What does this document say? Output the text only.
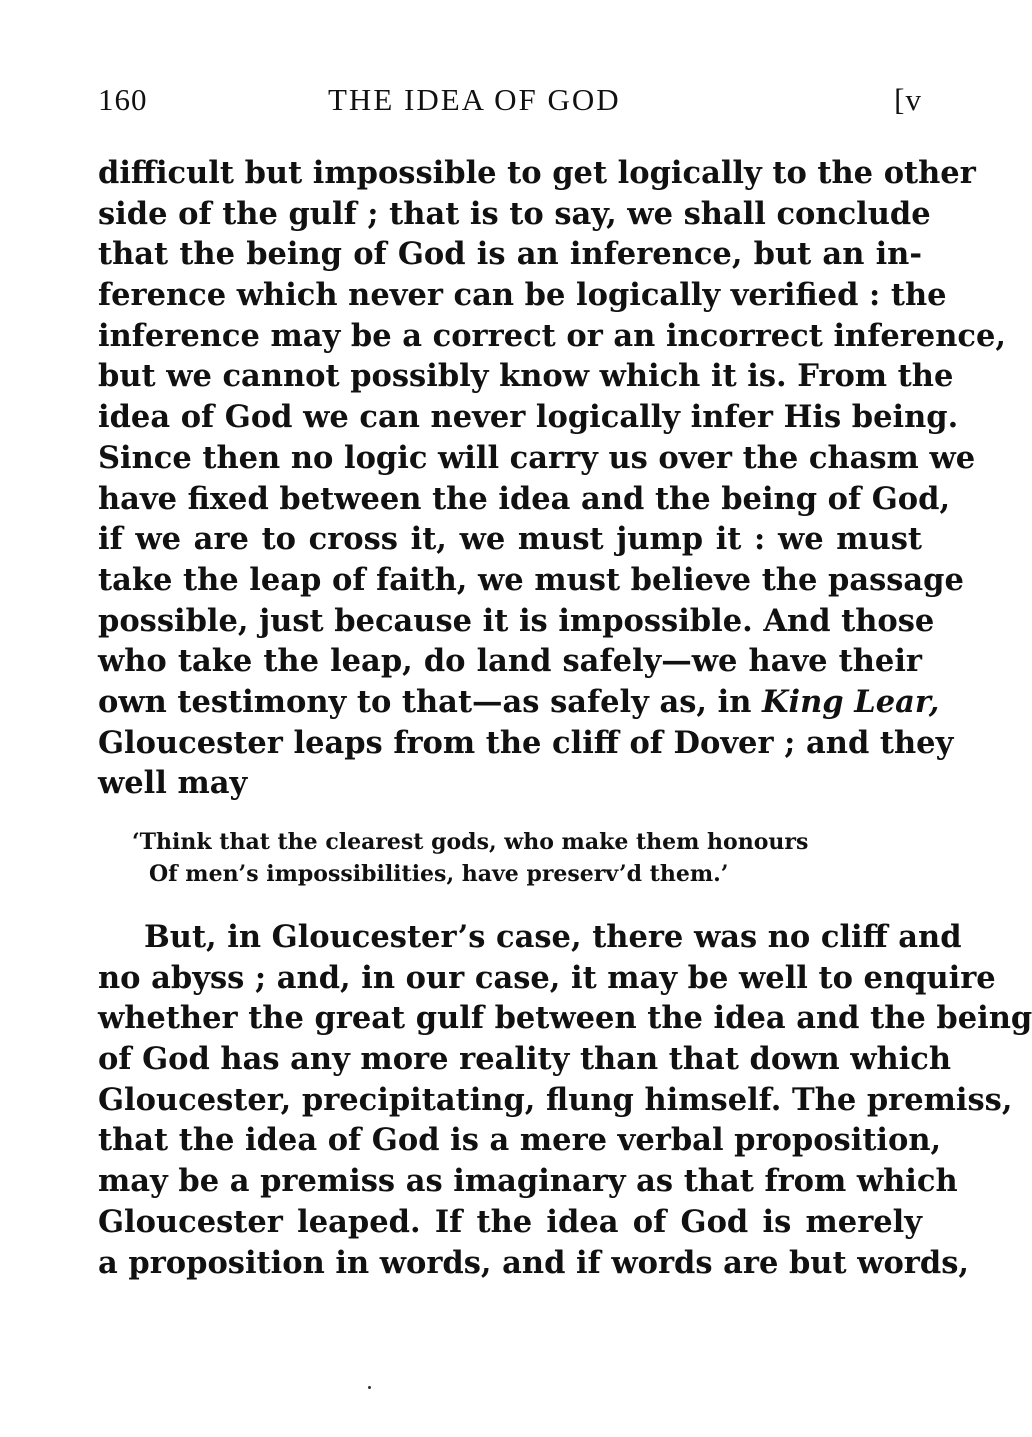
160	THE IDEA OF GOD	[v
difficult but impossible to get logically to the other
side of the gulf ; that is to say, we shall conclude
that the being of God is an inference, but an in-
ference which never can be logically verified : the
inference may be a correct or an incorrect inference,
but we cannot possibly know which it is. From the
idea of God we can never logically infer His being.
Since then no logic will carry us over the chasm we
have fixed between the idea and the being of God,
if we are to cross it, we must jump it : we must
take the leap of faith, we must believe the passage
possible, just because it is impossible. And those
who take the leap, do land safely—we have their
own testimony to that—as safely as, in King Lear,
Gloucester leaps from the cliff of Dover ; and they
well may
‘Think that the clearest gods, who make them honours
Of men’s impossibilities, have preserv’d them.’
But, in Gloucester’s case, there was no cliff and
no abyss ; and, in our case, it may be well to enquire
whether the great gulf between the idea and the being
of God has any more reality than that down which
Gloucester, precipitating, flung himself. The premiss,
that the idea of God is a mere verbal proposition,
may be a premiss as imaginary as that from which
Gloucester leaped. If the idea of God is merely
a proposition in words, and if words are but words,
